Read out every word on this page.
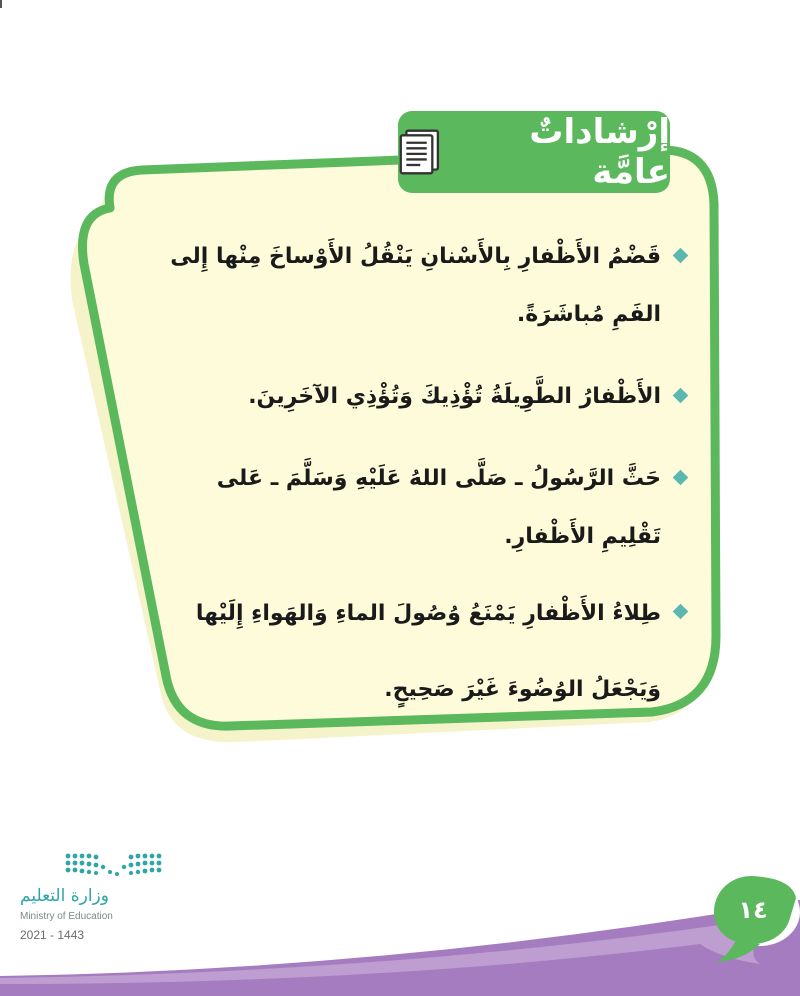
إرْشاداتٌ عامَّة
قَضْمُ الأَظْفارِ بِالأَسْنانِ يَنْقُلُ الأَوْساخَ مِنْها إِلى الفَمِ مُباشَرَةً.
الأَظْفارُ الطَّوِيلَةُ تُؤْذِيكَ وَتُؤْذِي الآخَرِينَ.
حَثَّ الرَّسُولُ ـ صَلَّى اللهُ عَلَيْهِ وَسَلَّمَ ـ عَلى تَقْلِيمِ الأَظْفارِ.
طِلاءُ الأَظْفارِ يَمْنَعُ وُصُولَ الماءِ وَالهَواءِ إِلَيْها وَيَجْعَلُ الوُضُوءَ غَيْرَ صَحِيحٍ.
وزارة التعليم
Ministry of Education
2021 - 1443
١٤
